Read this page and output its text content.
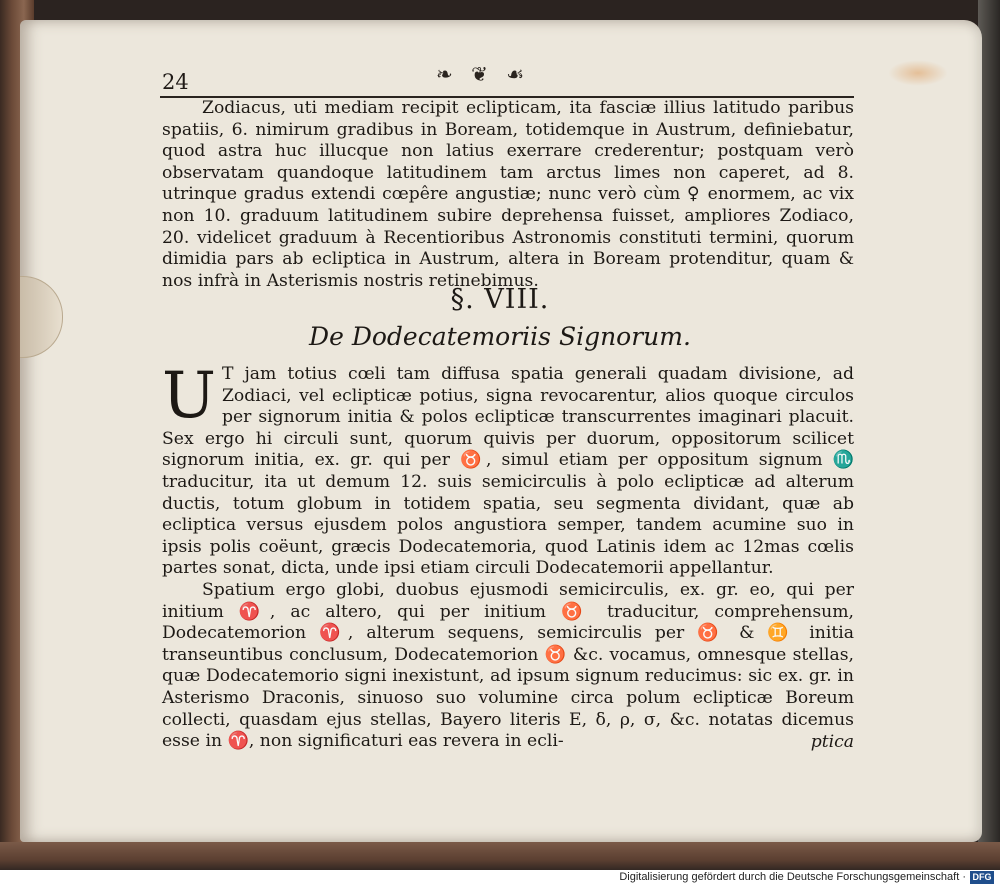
24	❧ ❦ ☙
Zodiacus, uti mediam recipit eclipticam, ita fasciæ illius latitudo paribus spatiis, 6. nimirum gradibus in Boream, totidemque in Austrum, definiebatur, quod astra huc illucque non latius exerrare crederentur; postquam verò observatam quandoque latitudinem tam arctus limes non caperet, ad 8. utrinque gradus extendi cœpêre angustiæ; nunc verò cùm ♀ enormem, ac vix non 10. graduum latitudinem subire deprehensa fuisset, ampliores Zodiaco, 20. videlicet graduum à Recentioribus Astronomis constituti termini, quorum dimidia pars ab ecliptica in Austrum, altera in Boream protenditur, quam & nos infrà in Asterismis nostris retinebimus.
§. VIII.
De Dodecatemoriis Signorum.
U T jam totius cœli tam diffusa spatia generali quadam divisione, ad Zodiaci, vel eclipticæ potius, signa revocarentur, alios quoque circulos per signorum initia & polos eclipticæ transcurrentes imaginari placuit. Sex ergo hi circuli sunt, quorum quivis per duorum, oppositorum scilicet signorum initia, ex. gr. qui per ♉, simul etiam per oppositum signum ♏ traducitur, ita ut demum 12. suis semicirculis à polo eclipticæ ad alterum ductis, totum globum in totidem spatia, seu segmenta dividant, quæ ab ecliptica versus ejusdem polos angustiora semper, tandem acumine suo in ipsis polis coëunt, græcis Dodecatemoria, quod Latinis idem ac 12mas cœlis partes sonat, dicta, unde ipsi etiam circuli Dodecatemorii appellantur.
Spatium ergo globi, duobus ejusmodi semicirculis, ex. gr. eo, qui per initium ♈, ac altero, qui per initium ♉ traducitur, comprehensum, Dodecatemorion ♈, alterum sequens, semicirculis per ♉ & ♊ initia transeuntibus conclusum, Dodecatemorion ♉ &c. vocamus, omnesque stellas, quæ Dodecatemorio signi inexistunt, ad ipsum signum reducimus: sic ex. gr. in Asterismo Draconis, sinuoso suo volumine circa polum eclipticæ Boreum collecti, quasdam ejus stellas, Bayero literis E, δ, ρ, σ, &c. notatas dicemus esse in ♈, non significaturi eas revera in ecli-	ptica
Digitalisierung gefördert durch die Deutsche Forschungsgemeinschaft · DFG
